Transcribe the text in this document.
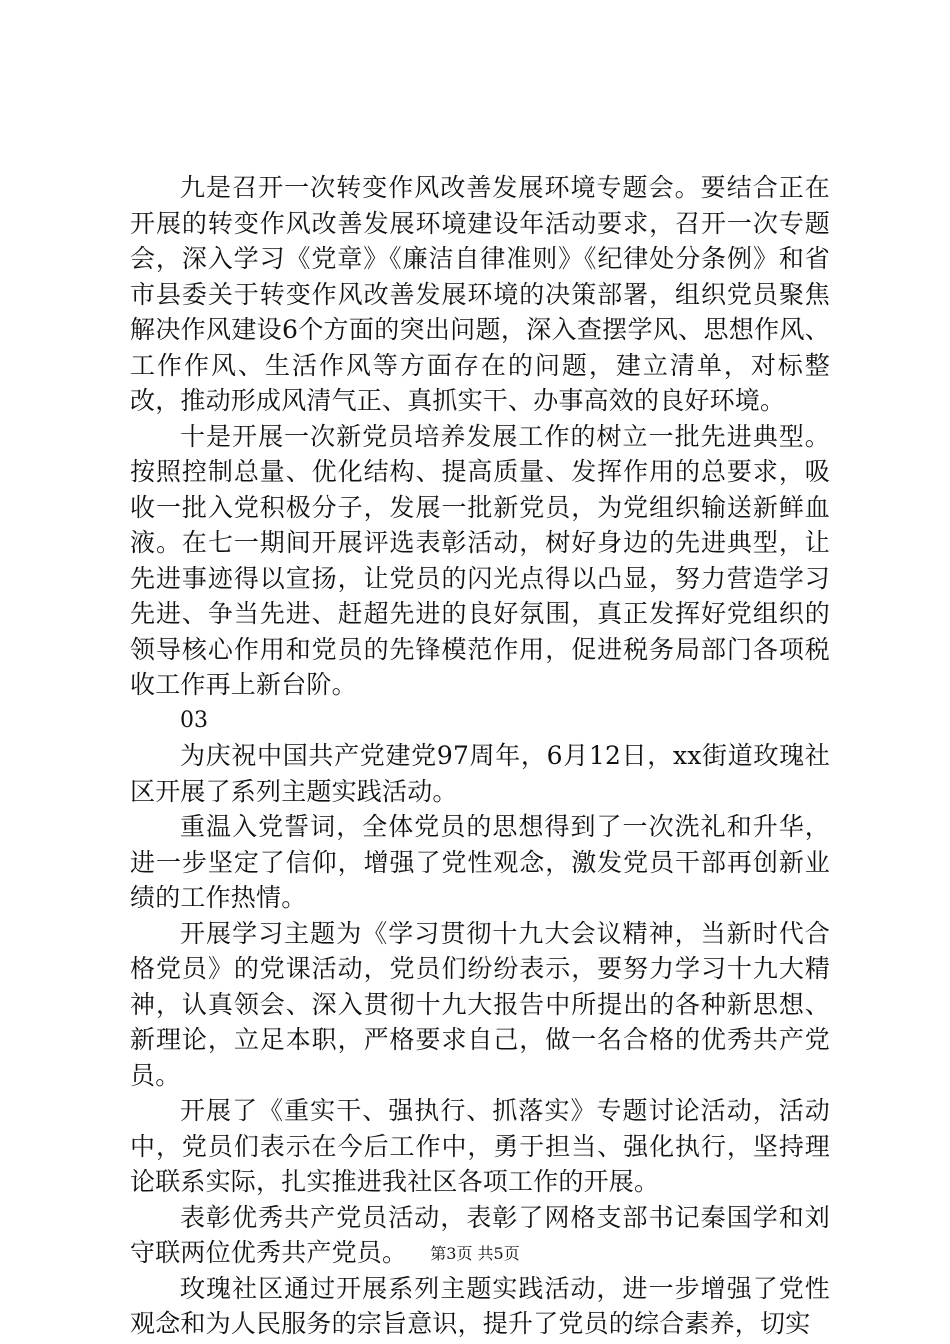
九是召开一次转变作风改善发展环境专题会。要结合正在开展的转变作风改善发展环境建设年活动要求，召开一次专题会，深入学习《党章》《廉洁自律准则》《纪律处分条例》和省市县委关于转变作风改善发展环境的决策部署，组织党员聚焦解决作风建设6个方面的突出问题，深入查摆学风、思想作风、工作作风、生活作风等方面存在的问题，建立清单，对标整改，推动形成风清气正、真抓实干、办事高效的良好环境。

十是开展一次新党员培养发展工作的树立一批先进典型。按照控制总量、优化结构、提高质量、发挥作用的总要求，吸收一批入党积极分子，发展一批新党员，为党组织输送新鲜血液。在七一期间开展评选表彰活动，树好身边的先进典型，让先进事迹得以宣扬，让党员的闪光点得以凸显，努力营造学习先进、争当先进、赶超先进的良好氛围，真正发挥好党组织的领导核心作用和党员的先锋模范作用，促进税务局部门各项税收工作再上新台阶。

03

为庆祝中国共产党建党97周年，6月12日，xx街道玫瑰社区开展了系列主题实践活动。

重温入党誓词，全体党员的思想得到了一次洗礼和升华，进一步坚定了信仰，增强了党性观念，激发党员干部再创新业绩的工作热情。

开展学习主题为《学习贯彻十九大会议精神，当新时代合格党员》的党课活动，党员们纷纷表示，要努力学习十九大精神，认真领会、深入贯彻十九大报告中所提出的各种新思想、新理论，立足本职，严格要求自己，做一名合格的优秀共产党员。

开展了《重实干、强执行、抓落实》专题讨论活动，活动中，党员们表示在今后工作中，勇于担当、强化执行，坚持理论联系实际，扎实推进我社区各项工作的开展。

表彰优秀共产党员活动，表彰了网格支部书记秦国学和刘守联两位优秀共产党员。

玫瑰社区通过开展系列主题实践活动，进一步增强了党性观念和为人民服务的宗旨意识，提升了党员的综合素养，切实

第3页 共5页
